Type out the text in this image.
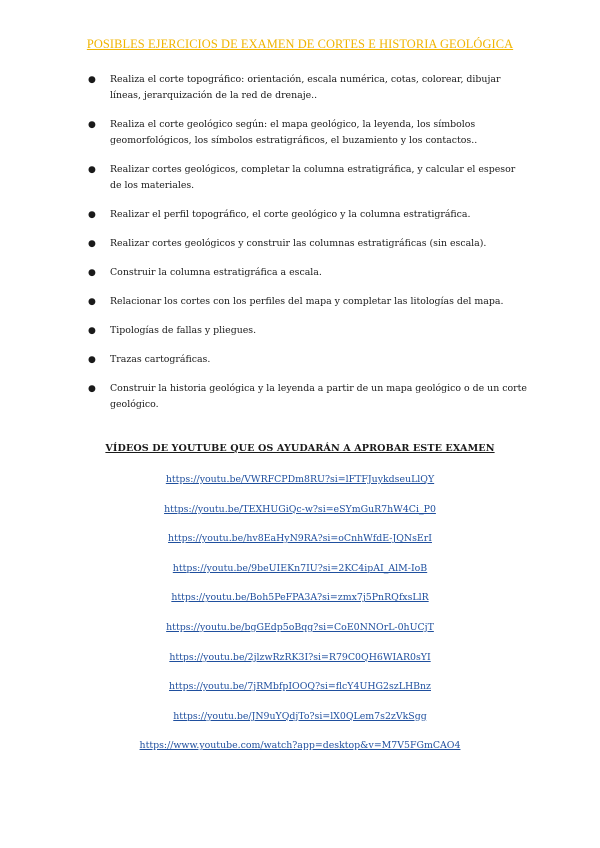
POSIBLES EJERCICIOS DE EXAMEN DE CORTES E HISTORIA GEOLÓGICA
● Realiza el corte topográfico: orientación, escala numérica, cotas, colorear, dibujar líneas, jerarquización de la red de drenaje..
● Realiza el corte geológico según: el mapa geológico, la leyenda, los símbolos geomorfológicos, los símbolos estratigráficos, el buzamiento y los contactos..
● Realizar cortes geológicos, completar la columna estratigráfica, y calcular el espesor de los materiales.
● Realizar el perfil topográfico, el corte geológico y la columna estratigráfica.
● Realizar cortes geológicos y construir las columnas estratigráficas (sin escala).
● Construir la columna estratigráfica a escala.
● Relacionar los cortes con los perfiles del mapa y completar las litologías del mapa.
● Tipologías de fallas y pliegues.
● Trazas cartográficas.
● Construir la historia geológica y la leyenda a partir de un mapa geológico o de un corte geológico.
VÍDEOS DE YOUTUBE QUE OS AYUDARÁN A APROBAR ESTE EXAMEN
https://youtu.be/VWRFCPDm8RU?si=lFTFJuykdseuLlQY
https://youtu.be/TEXHUGiQc-w?si=eSYmGuR7hW4Ci_P0
https://youtu.be/hv8EaHyN9RA?si=oCnhWfdE-JQNsErI
https://youtu.be/9beUIEKn7IU?si=2KC4ipAI_AlM-IoB
https://youtu.be/Boh5PeFPA3A?si=zmx7j5PnRQfxsLlR
https://youtu.be/bgGEdp5oBqg?si=CoE0NNOrL-0hUCjT
https://youtu.be/2jlzwRzRK3I?si=R79C0QH6WIAR0sYI
https://youtu.be/7jRMbfpIOOQ?si=flcY4UHG2szLHBnz
https://youtu.be/JN9uYQdjTo?si=lX0QLem7s2zVkSgg
https://www.youtube.com/watch?app=desktop&v=M7V5FGmCAO4
